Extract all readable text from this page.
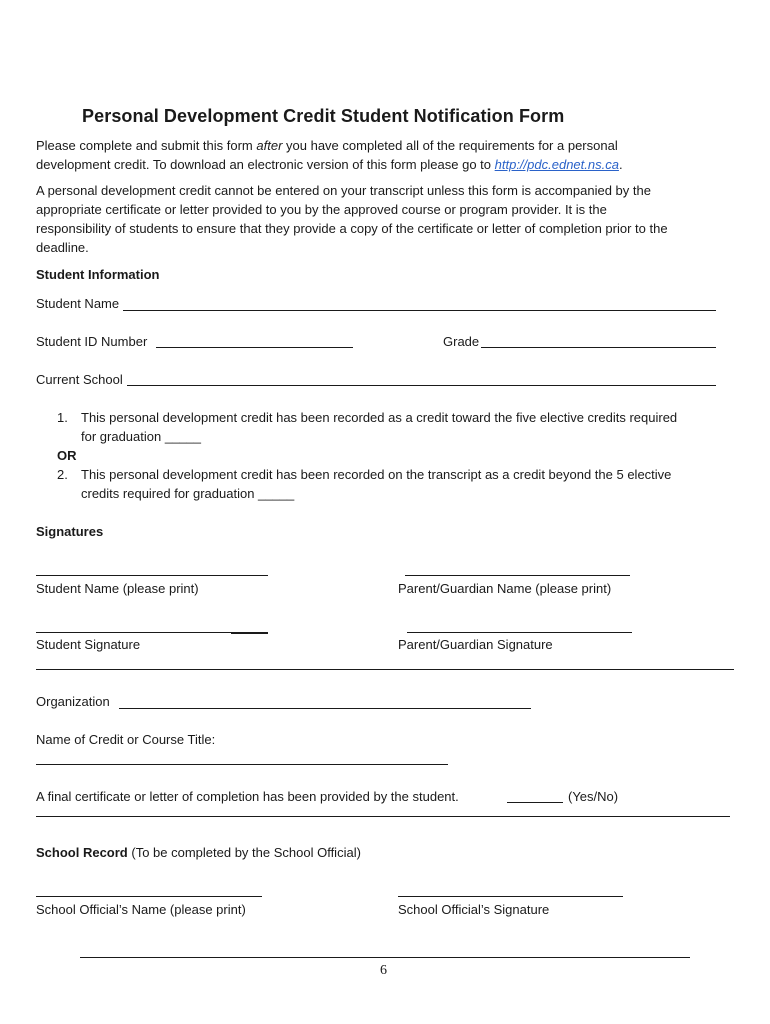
Personal Development Credit Student Notification Form
Please complete and submit this form after you have completed all of the requirements for a personal
development credit. To download an electronic version of this form please go to http://pdc.ednet.ns.ca.
A personal development credit cannot be entered on your transcript unless this form is accompanied by the
appropriate certificate or letter provided to you by the approved course or program provider. It is the
responsibility of students to ensure that they provide a copy of the certificate or letter of completion prior to the
deadline.
Student Information
Student Name
Student ID Number	Grade
Current School
1. This personal development credit has been recorded as a credit toward the five elective credits required
for graduation _____
OR
2. This personal development credit has been recorded on the transcript as a credit beyond the 5 elective
credits required for graduation _____
Signatures
Student Name (please print)	Parent/Guardian Name (please print)
Student Signature	Parent/Guardian Signature
Organization
Name of Credit or Course Title:
A final certificate or letter of completion has been provided by the student.	(Yes/No)
School Record (To be completed by the School Official)
School Official’s Name (please print)	School Official’s Signature
6
